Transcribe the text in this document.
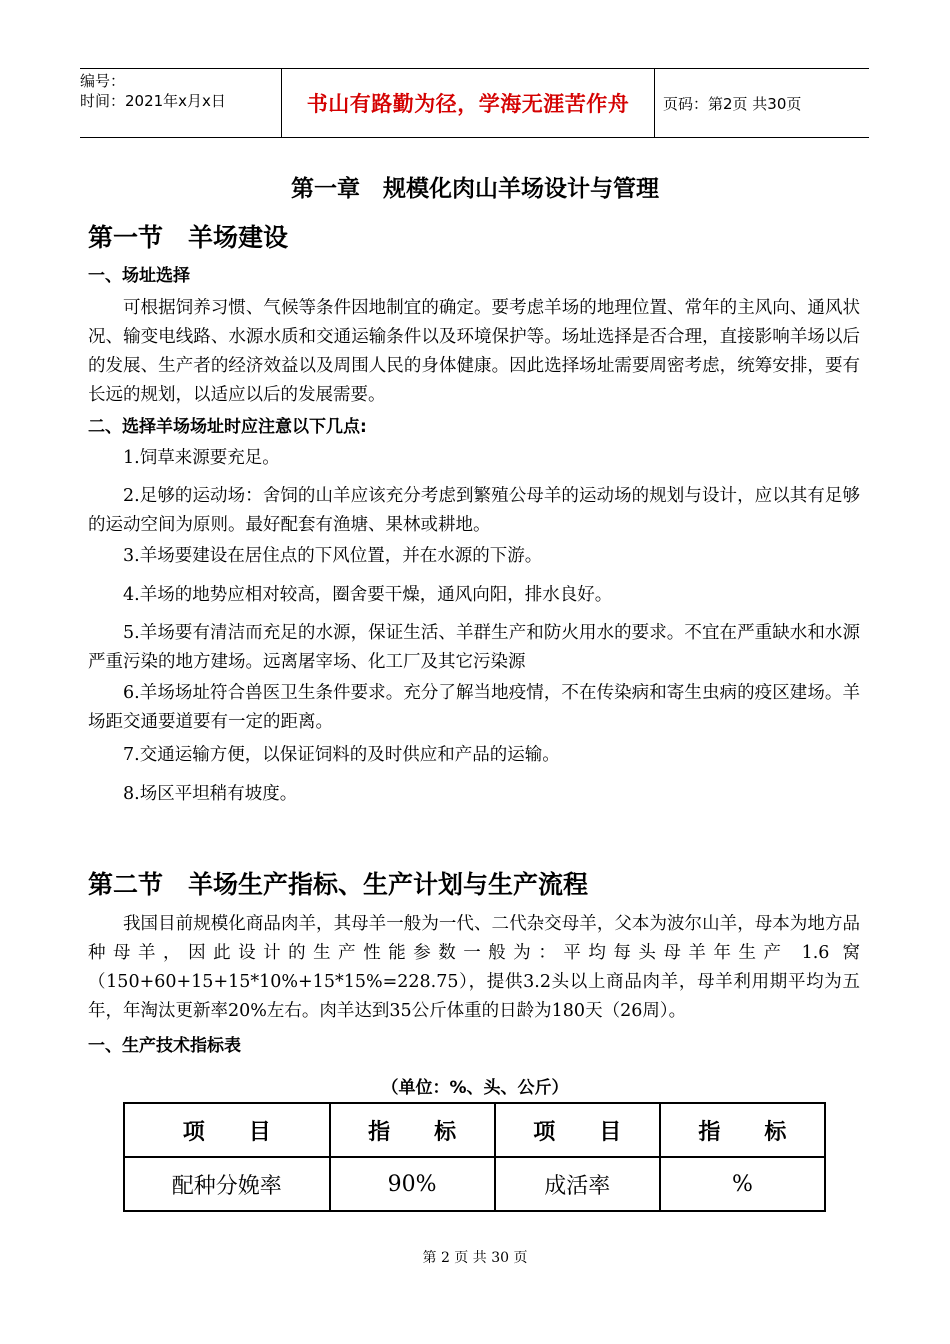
编号：
时间：2021年x月x日	书山有路勤为径，学海无涯苦作舟	页码：第2页 共30页
第一章　规模化肉山羊场设计与管理
第一节　羊场建设
一、场址选择

可根据饲养习惯、气候等条件因地制宜的确定。要考虑羊场的地理位置、常年的主风向、通风状况、输变电线路、水源水质和交通运输条件以及环境保护等。场址选择是否合理，直接影响羊场以后的发展、生产者的经济效益以及周围人民的身体健康。因此选择场址需要周密考虑，统筹安排，要有长远的规划，以适应以后的发展需要。

二、选择羊场场址时应注意以下几点:

1.饲草来源要充足。

2.足够的运动场：舍饲的山羊应该充分考虑到繁殖公母羊的运动场的规划与设计，应以其有足够的运动空间为原则。最好配套有渔塘、果林或耕地。

3.羊场要建设在居住点的下风位置，并在水源的下游。

4.羊场的地势应相对较高，圈舍要干燥，通风向阳，排水良好。

5.羊场要有清洁而充足的水源，保证生活、羊群生产和防火用水的要求。不宜在严重缺水和水源严重污染的地方建场。远离屠宰场、化工厂及其它污染源

6.羊场场址符合兽医卫生条件要求。充分了解当地疫情，不在传染病和寄生虫病的疫区建场。羊场距交通要道要有一定的距离。

7.交通运输方便，以保证饲料的及时供应和产品的运输。

8.场区平坦稍有坡度。

第二节　羊场生产指标、生产计划与生产流程

我国目前规模化商品肉羊，其母羊一般为一代、二代杂交母羊，父本为波尔山羊，母本为地方品种母羊，因此设计的生产性能参数一般为：平均每头母羊年生产 1.6 窝（150+60+15+15*10%+15*15%=228.75），提供3.2头以上商品肉羊，母羊利用期平均为五年，年淘汰更新率20%左右。肉羊达到35公斤体重的日龄为180天（26周）。

一、生产技术指标表
（单位：%、头、公斤）
项　　目	指　　标	项　　目	指　　标
配种分娩率	90%	成活率	%
第 2 页 共 30 页
